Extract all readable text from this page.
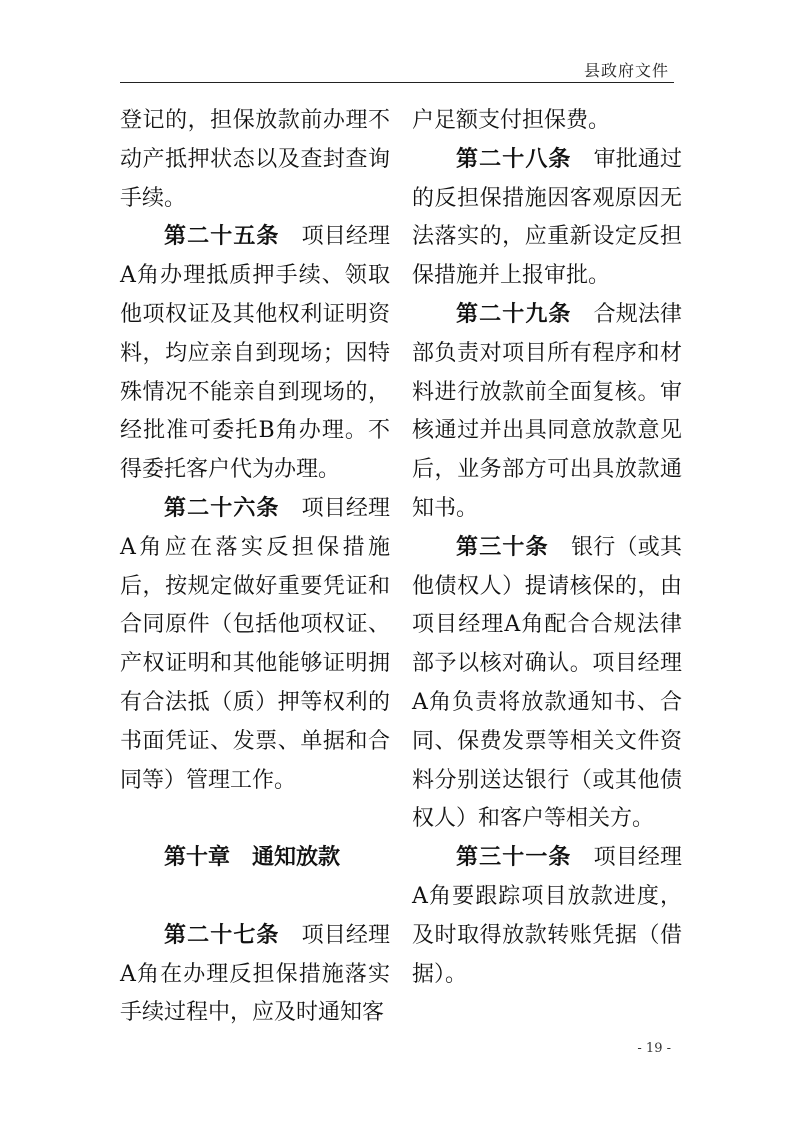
县政府文件
登记的，担保放款前办理不动产抵押状态以及查封查询手续。
第二十五条　 项目经理A角办理抵质押手续、领取他项权证及其他权利证明资料，均应亲自到现场；因特殊情况不能亲自到现场的，经批准可委托B角办理。不得委托客户代为办理。
第二十六条　 项目经理A角应在落实反担保措施后，按规定做好重要凭证和合同原件（包括他项权证、产权证明和其他能够证明拥有合法抵（质）押等权利的书面凭证、发票、单据和合同等）管理工作。
第十章 通知放款
第二十七条　 项目经理A角在办理反担保措施落实手续过程中，应及时通知客
户足额支付担保费。
第二十八条　 审批通过的反担保措施因客观原因无法落实的，应重新设定反担保措施并上报审批。
第二十九条　 合规法律部负责对项目所有程序和材料进行放款前全面复核。审核通过并出具同意放款意见后，业务部方可出具放款通知书。
第三十条　 银行（或其他债权人）提请核保的，由项目经理A角配合合规法律部予以核对确认。项目经理A角负责将放款通知书、合同、保费发票等相关文件资料分别送达银行（或其他债权人）和客户等相关方。
第三十一条　 项目经理A角要跟踪项目放款进度，及时取得放款转账凭据（借据）。
- 19 -
